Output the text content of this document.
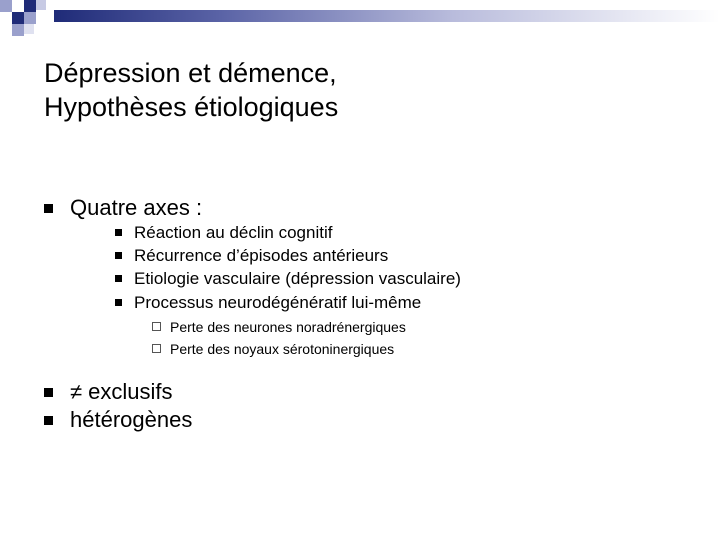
Dépression et démence,
Hypothèses étiologiques
Quatre axes :
Réaction au déclin cognitif
Récurrence d’épisodes antérieurs
Etiologie vasculaire (dépression vasculaire)
Processus neurodégénératif lui-même
Perte des neurones noradrénergiques
Perte des noyaux sérotoninergiques
≠ exclusifs
hétérogènes
